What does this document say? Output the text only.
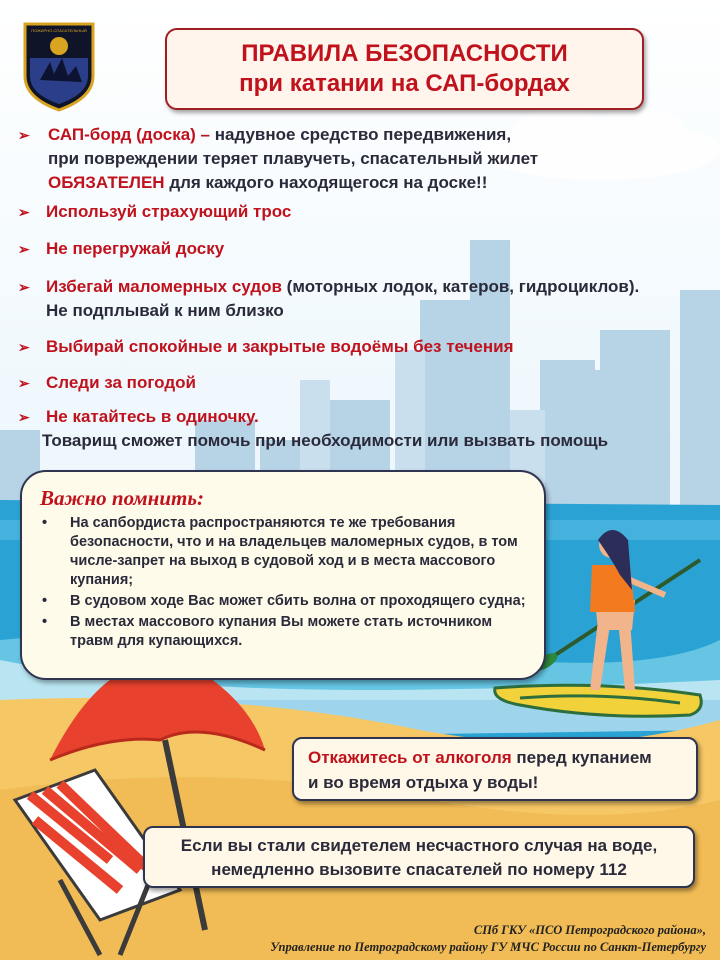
ПОЖАРНО-СПАСАТЕЛЬНЫЙ
ПРАВИЛА БЕЗОПАСНОСТИ
при катании на САП-бордах
➢ САП-борд (доска) – надувное средство передвижения,
при повреждении теряет плавучеть, спасательный жилет
ОБЯЗАТЕЛЕН для каждого находящегося на доске!!
➢ Используй страхующий трос
➢ Не перегружай доску
➢ Избегай маломерных судов (моторных лодок, катеров, гидроциклов).
Не подплывай к ним близко
➢ Выбирай спокойные и закрытые водоёмы без течения
➢ Следи за погодой
➢ Не катайтесь в одиночку.
Товарищ сможет помочь при необходимости или вызвать помощь
Важно помнить:
• На сапбордиста распространяются те же требования безопасности, что и на владельцев маломерных судов, в том числе-запрет на выход в судовой ход и в места массового купания;
• В судовом ходе Вас может сбить волна от проходящего судна;
• В местах массового купания Вы можете стать источником травм для купающихся.
Откажитесь от алкоголя перед купанием
и во время отдыха у воды!
Если вы стали свидетелем несчастного случая на воде,
немедленно вызовите спасателей по номеру 112
СПб ГКУ «ПСО Петроградского района»,
Управление по Петроградскому району ГУ МЧС России по Санкт-Петербургу
